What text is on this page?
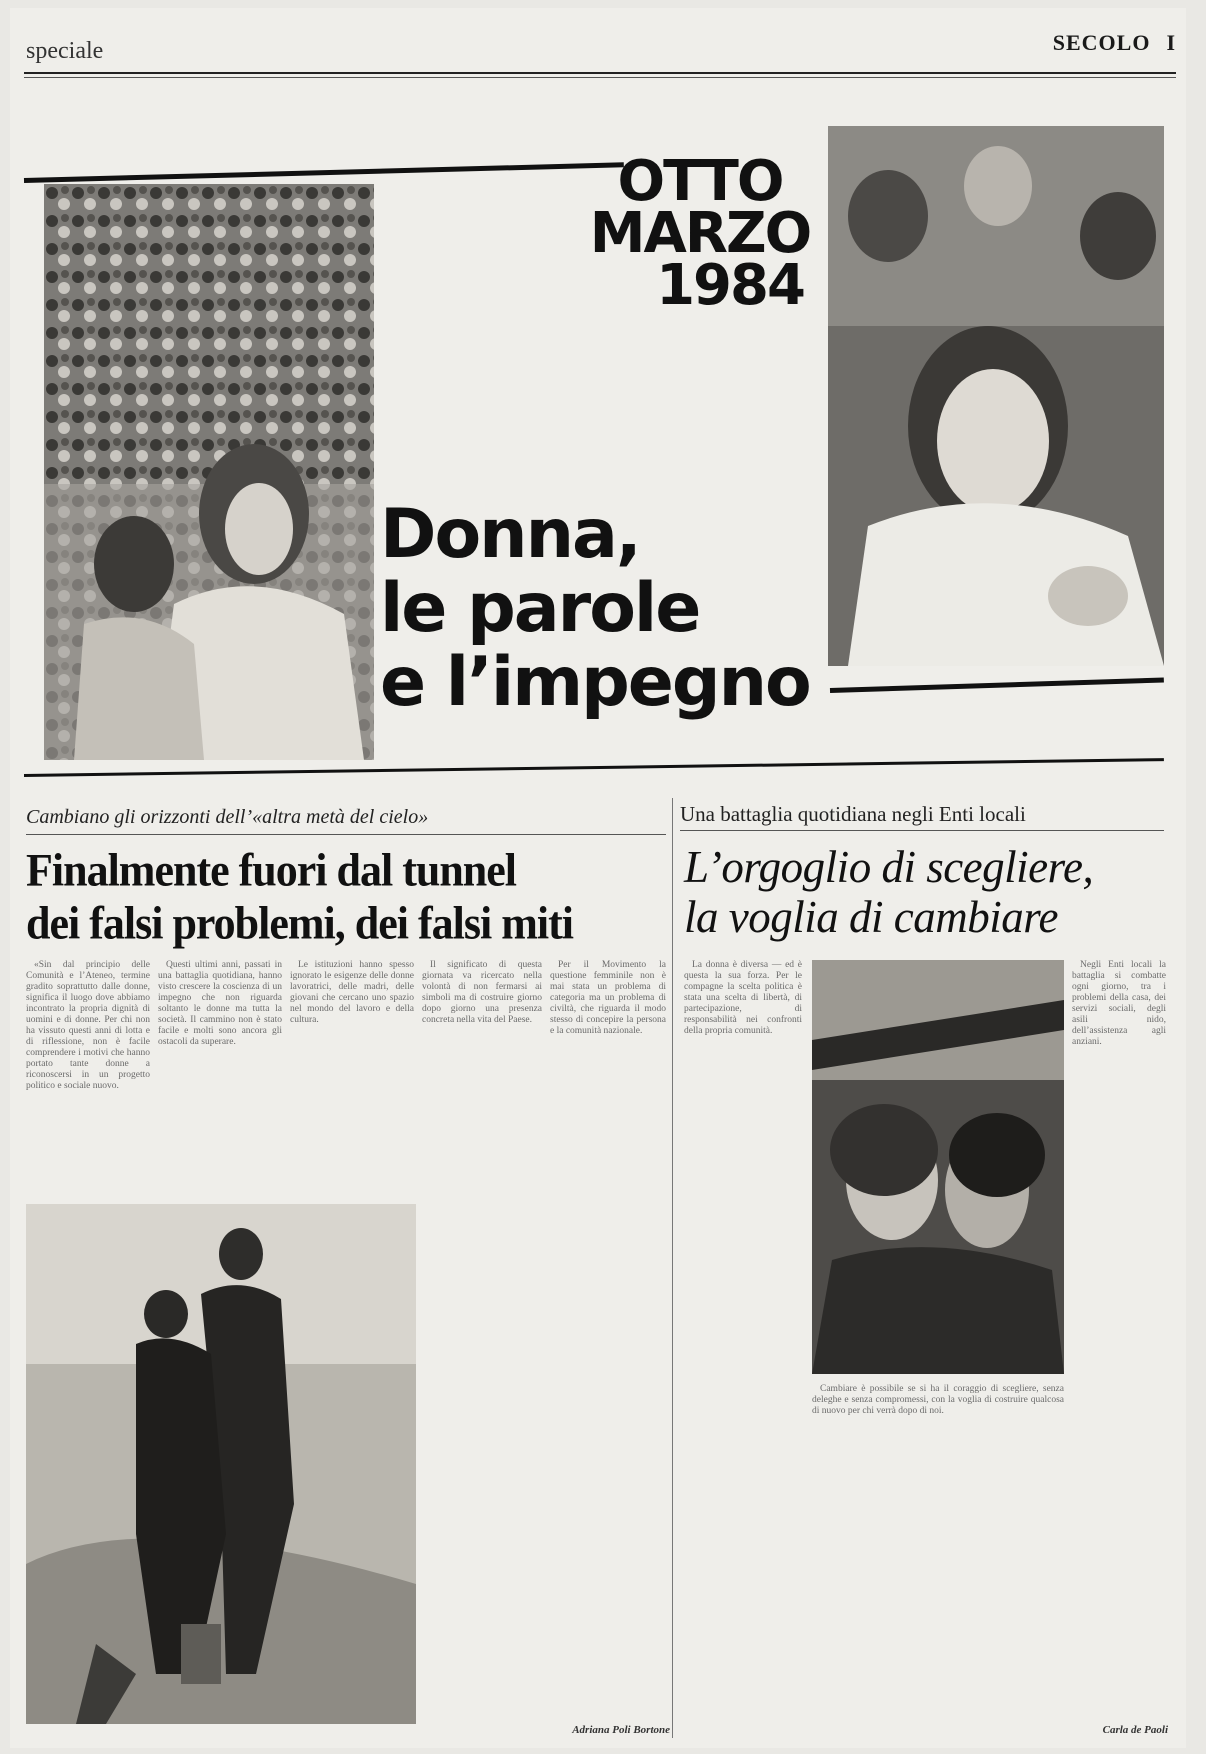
speciale	SECOLO I
OTTO
MARZO
1984
Donna,
le parole
e l’impegno
Cambiano gli orizzonti dell’«altra metà del cielo»
Finalmente fuori dal tunnel
dei falsi problemi, dei falsi miti
Una battaglia quotidiana negli Enti locali
L’orgoglio di scegliere,
la voglia di cambiare

«Sin dal principio delle Comunità e l’Ateneo, termine gradito soprattutto dalle donne, significa il luogo dove abbiamo incontrato la propria dignità di uomini e di donne. Per chi non ha vissuto questi anni di lotta e di riflessione, non è facile comprendere i motivi che hanno portato tante donne a riconoscersi in un progetto politico e sociale nuovo.

Questi ultimi anni, passati in una battaglia quotidiana, hanno visto crescere la coscienza di un impegno che non riguarda soltanto le donne ma tutta la società. Il cammino non è stato facile e molti sono ancora gli ostacoli da superare.

Le istituzioni hanno spesso ignorato le esigenze delle donne lavoratrici, delle madri, delle giovani che cercano uno spazio nel mondo del lavoro e della cultura.

Il significato di questa giornata va ricercato nella volontà di non fermarsi ai simboli ma di costruire giorno dopo giorno una presenza concreta nella vita del Paese.

Per il Movimento la questione femminile non è mai stata un problema di categoria ma un problema di civiltà, che riguarda il modo stesso di concepire la persona e la comunità nazionale.

La donna è diversa — ed è questa la sua forza. Per le compagne la scelta politica è stata una scelta di libertà, di partecipazione, di responsabilità nei confronti della propria comunità.

Negli Enti locali la battaglia si combatte ogni giorno, tra i problemi della casa, dei servizi sociali, degli asili nido, dell’assistenza agli anziani.

Cambiare è possibile se si ha il coraggio di scegliere, senza deleghe e senza compromessi, con la voglia di costruire qualcosa di nuovo per chi verrà dopo di noi.

Adriana Poli Bortone	Carla de Paoli
